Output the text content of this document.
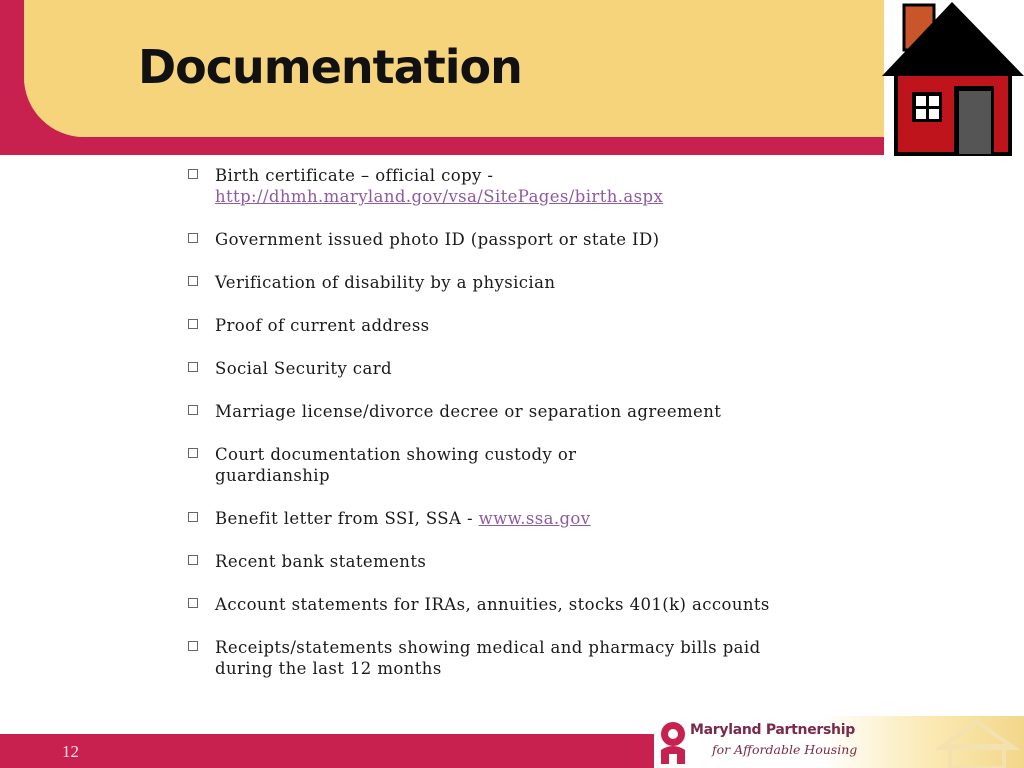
Documentation
Birth certificate – official copy -
http://dhmh.maryland.gov/vsa/SitePages/birth.aspx
Government issued photo ID (passport or state ID)
Verification of disability by a physician
Proof of current address
Social Security card
Marriage license/divorce decree or separation agreement
Court documentation showing custody or guardianship
Benefit letter from SSI, SSA - www.ssa.gov
Recent bank statements
Account statements for IRAs, annuities, stocks 401(k) accounts
Receipts/statements showing medical and pharmacy bills paid during the last 12 months
12
Maryland Partnership
for Affordable Housing
